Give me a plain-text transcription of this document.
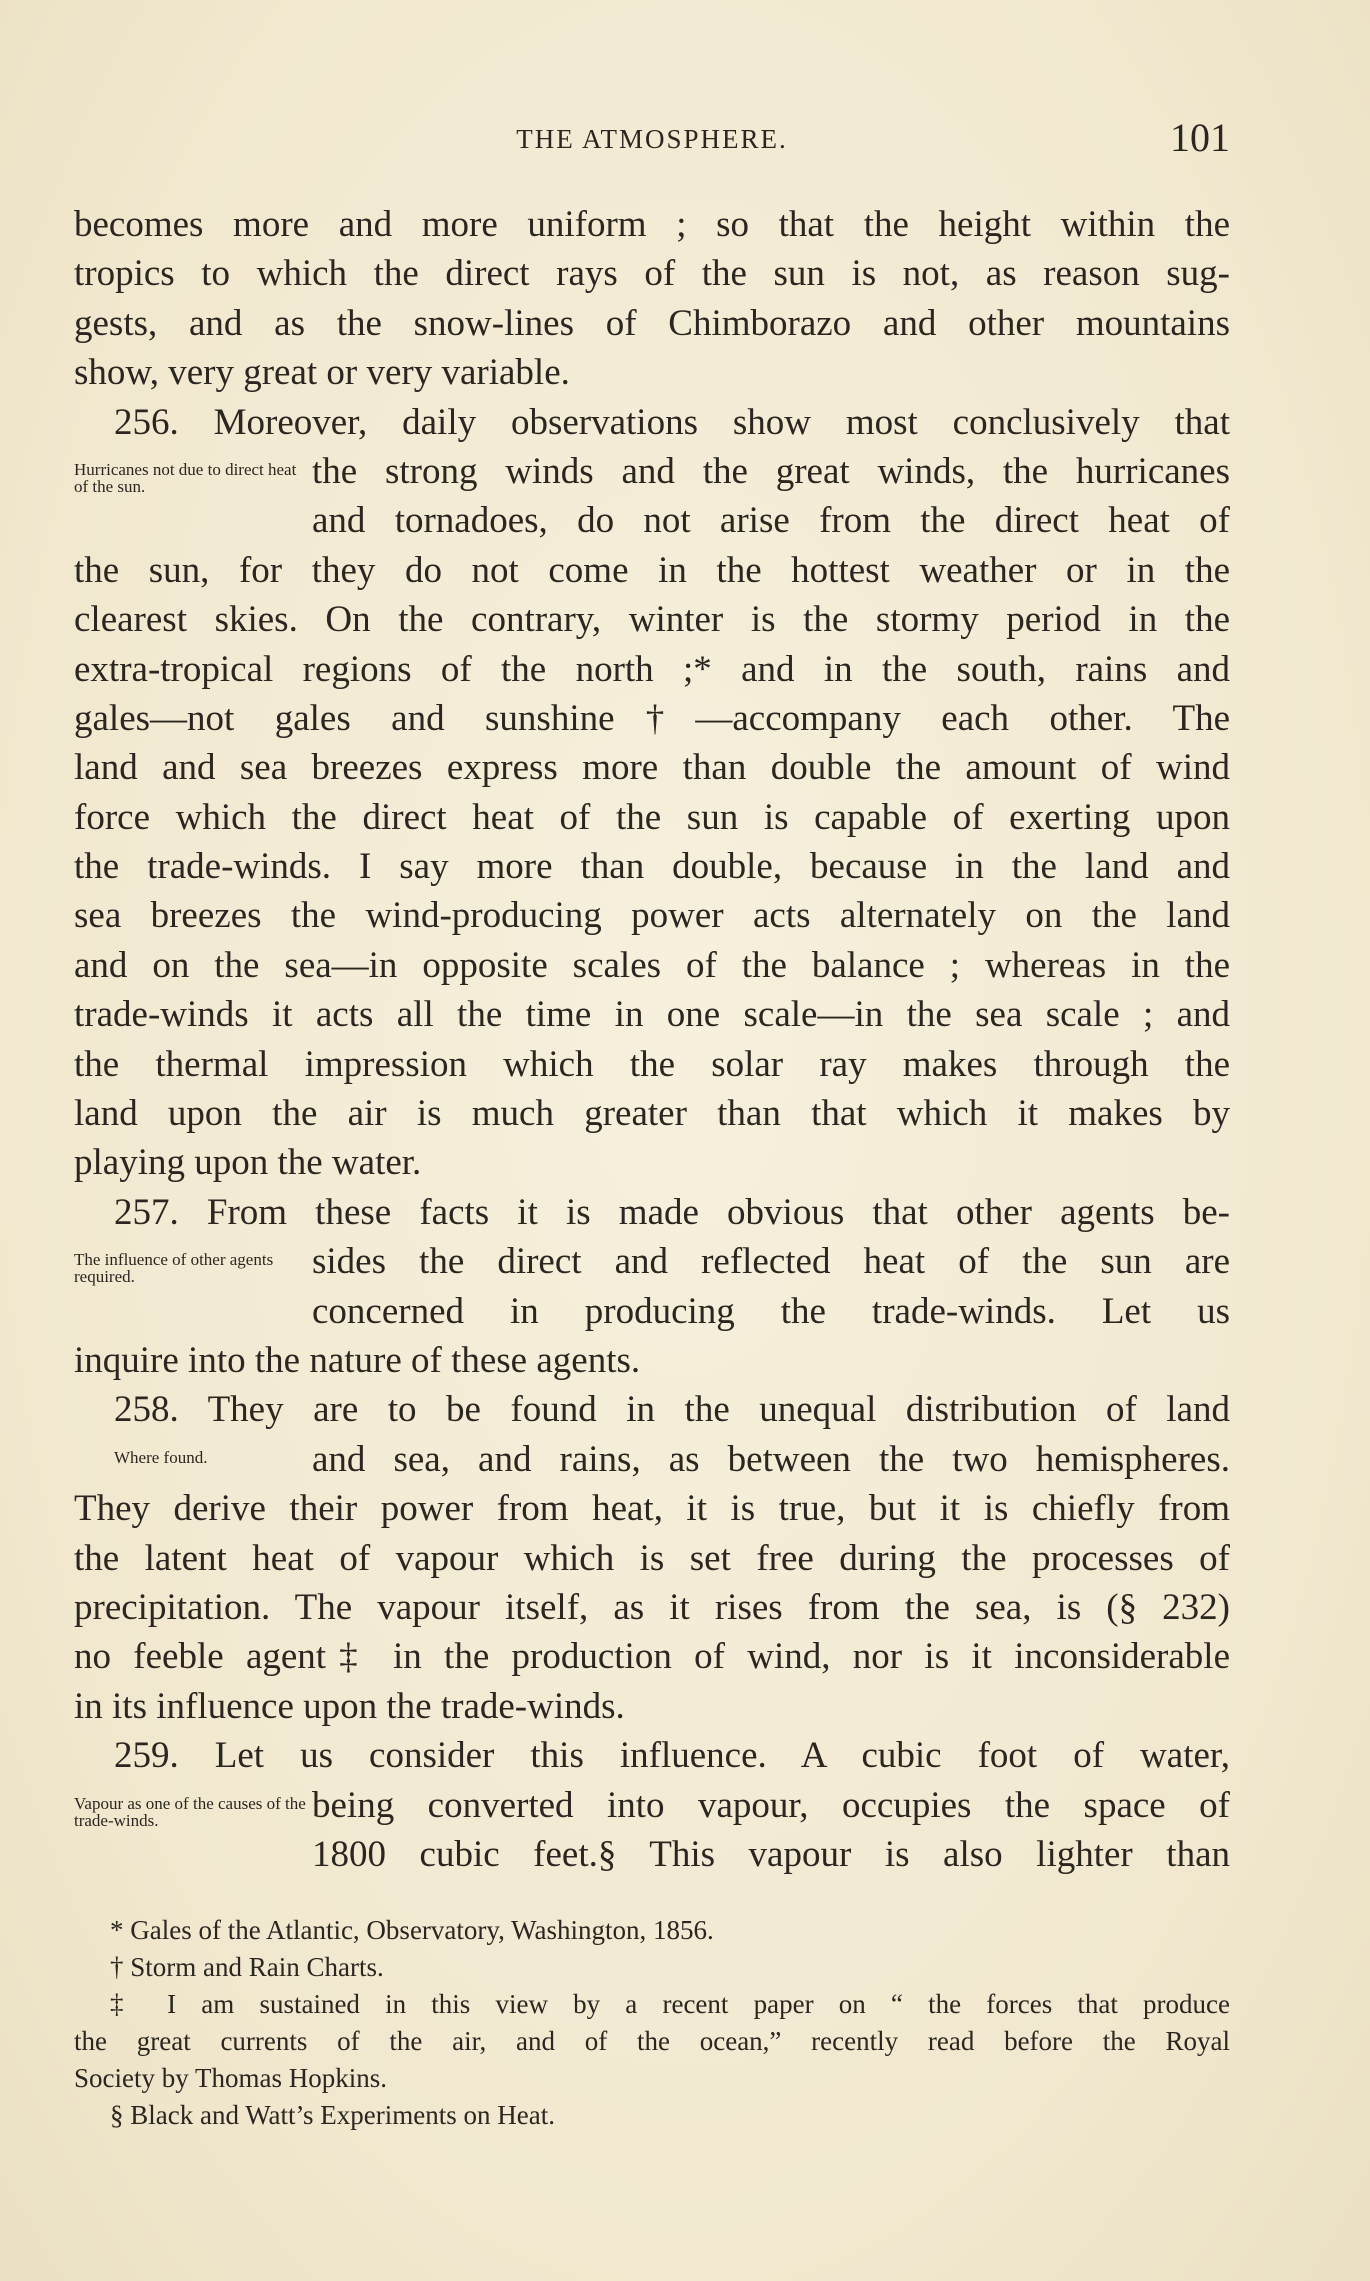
THE ATMOSPHERE.	101
becomes more and more uniform ; so that the height within the
tropics to which the direct rays of the sun is not, as reason sug-
gests, and as the snow-lines of Chimborazo and other mountains
show, very great or very variable.
256. Moreover, daily observations show most conclusively that
Hurricanes not due to direct heat of the sun.	the strong winds and the great winds, the hurricanes
and tornadoes, do not arise from the direct heat of
the sun, for they do not come in the hottest weather or in the
clearest skies. On the contrary, winter is the stormy period in the
extra-tropical regions of the north ;* and in the south, rains and
gales—not gales and sunshine†—accompany each other. The
land and sea breezes express more than double the amount of wind
force which the direct heat of the sun is capable of exerting upon
the trade-winds. I say more than double, because in the land and
sea breezes the wind-producing power acts alternately on the land
and on the sea—in opposite scales of the balance ; whereas in the
trade-winds it acts all the time in one scale—in the sea scale ; and
the thermal impression which the solar ray makes through the
land upon the air is much greater than that which it makes by
playing upon the water.
257. From these facts it is made obvious that other agents be-
The influence of other agents required.	sides the direct and reflected heat of the sun are
concerned in producing the trade-winds. Let us
inquire into the nature of these agents.
258. They are to be found in the unequal distribution of land
Where found.	and sea, and rains, as between the two hemispheres.
They derive their power from heat, it is true, but it is chiefly from
the latent heat of vapour which is set free during the processes of
precipitation. The vapour itself, as it rises from the sea, is (§ 232)
no feeble agent‡ in the production of wind, nor is it inconsiderable
in its influence upon the trade-winds.
259. Let us consider this influence. A cubic foot of water,
Vapour as one of the causes of the trade-winds.	being converted into vapour, occupies the space of
1800 cubic feet.§ This vapour is also lighter than
* Gales of the Atlantic, Observatory, Washington, 1856.
† Storm and Rain Charts.
‡ I am sustained in this view by a recent paper on “ the forces that produce
the great currents of the air, and of the ocean,” recently read before the Royal
Society by Thomas Hopkins.
§ Black and Watt’s Experiments on Heat.
